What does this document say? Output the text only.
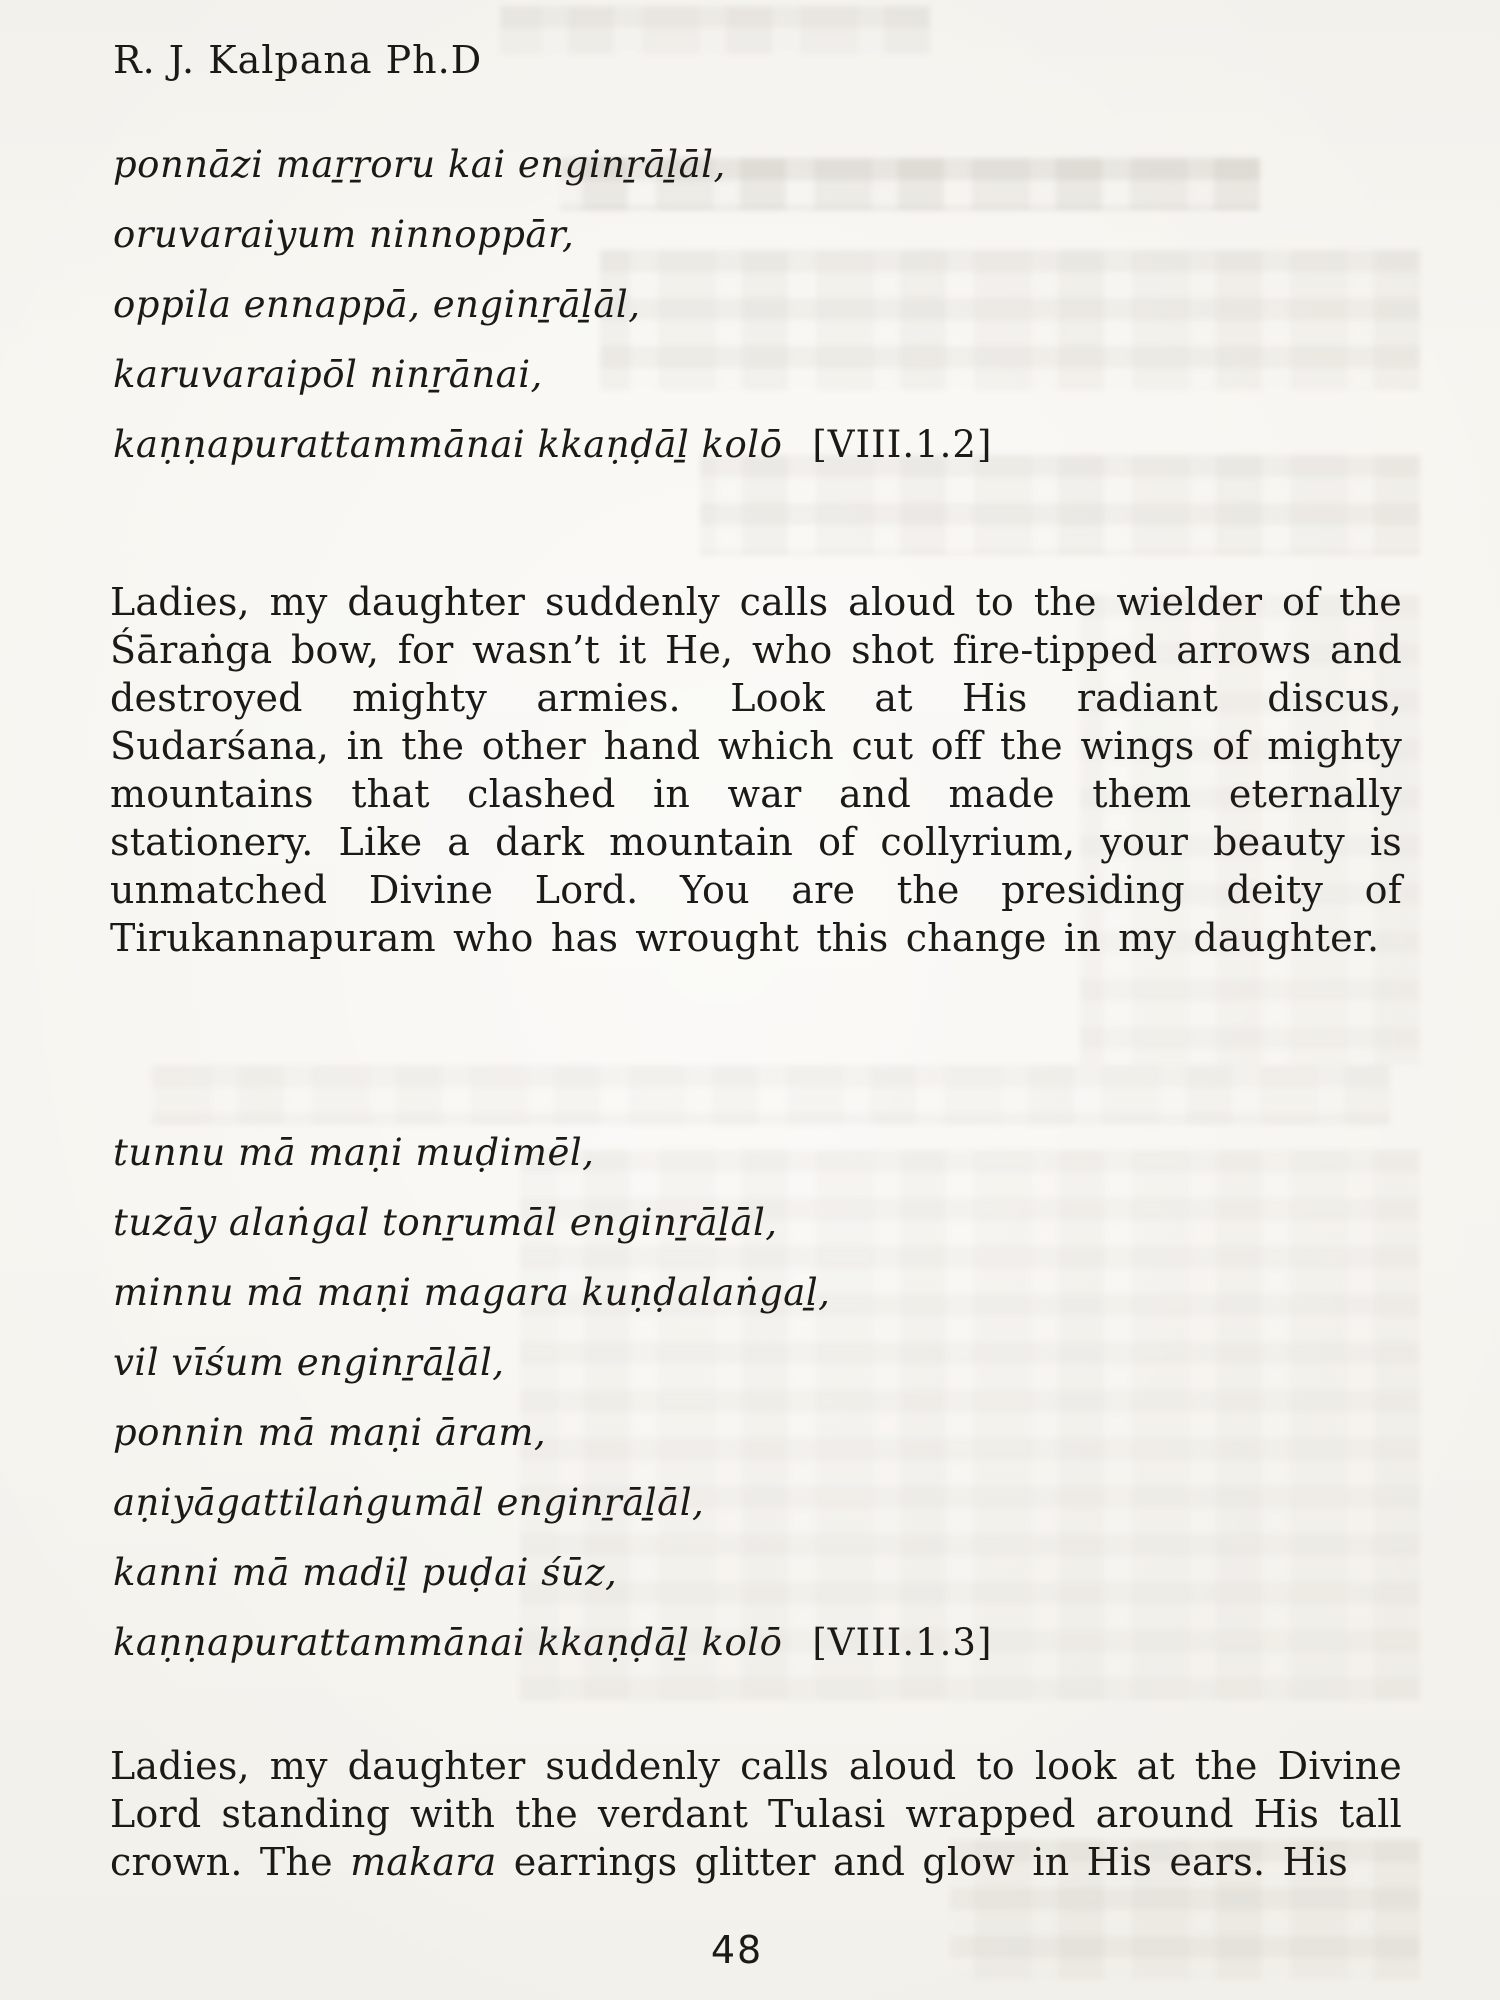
R. J. Kalpana Ph.D
ponnāzi maṟṟoru kai enginṟāḻāl,
oruvaraiyum ninnoppār,
oppila ennappā, enginṟāḻāl,
karuvaraipōl ninṟānai,
kaṇṇapurattammānai kkaṇḍāḻ kolō [VIII.1.2]
Ladies, my daughter suddenly calls aloud to the wielder of the Śāraṅga bow, for wasn’t it He, who shot fire-tipped arrows and destroyed mighty armies. Look at His radiant discus, Sudarśana, in the other hand which cut off the wings of mighty mountains that clashed in war and made them eternally stationery. Like a dark mountain of collyrium, your beauty is unmatched Divine Lord. You are the presiding deity of Tirukannapuram who has wrought this change in my daughter.
tunnu mā maṇi muḍimēl,
tuzāy alaṅgal tonṟumāl enginṟāḻāl,
minnu mā maṇi magara kuṇḍalaṅgaḻ,
vil vīśum enginṟāḻāl,
ponnin mā maṇi āram,
aṇiyāgattilaṅgumāl enginṟāḻāl,
kanni mā madiḻ puḍai śūz,
kaṇṇapurattammānai kkaṇḍāḻ kolō [VIII.1.3]
Ladies, my daughter suddenly calls aloud to look at the Divine Lord standing with the verdant Tulasi wrapped around His tall crown. The makara earrings glitter and glow in His ears. His
48
